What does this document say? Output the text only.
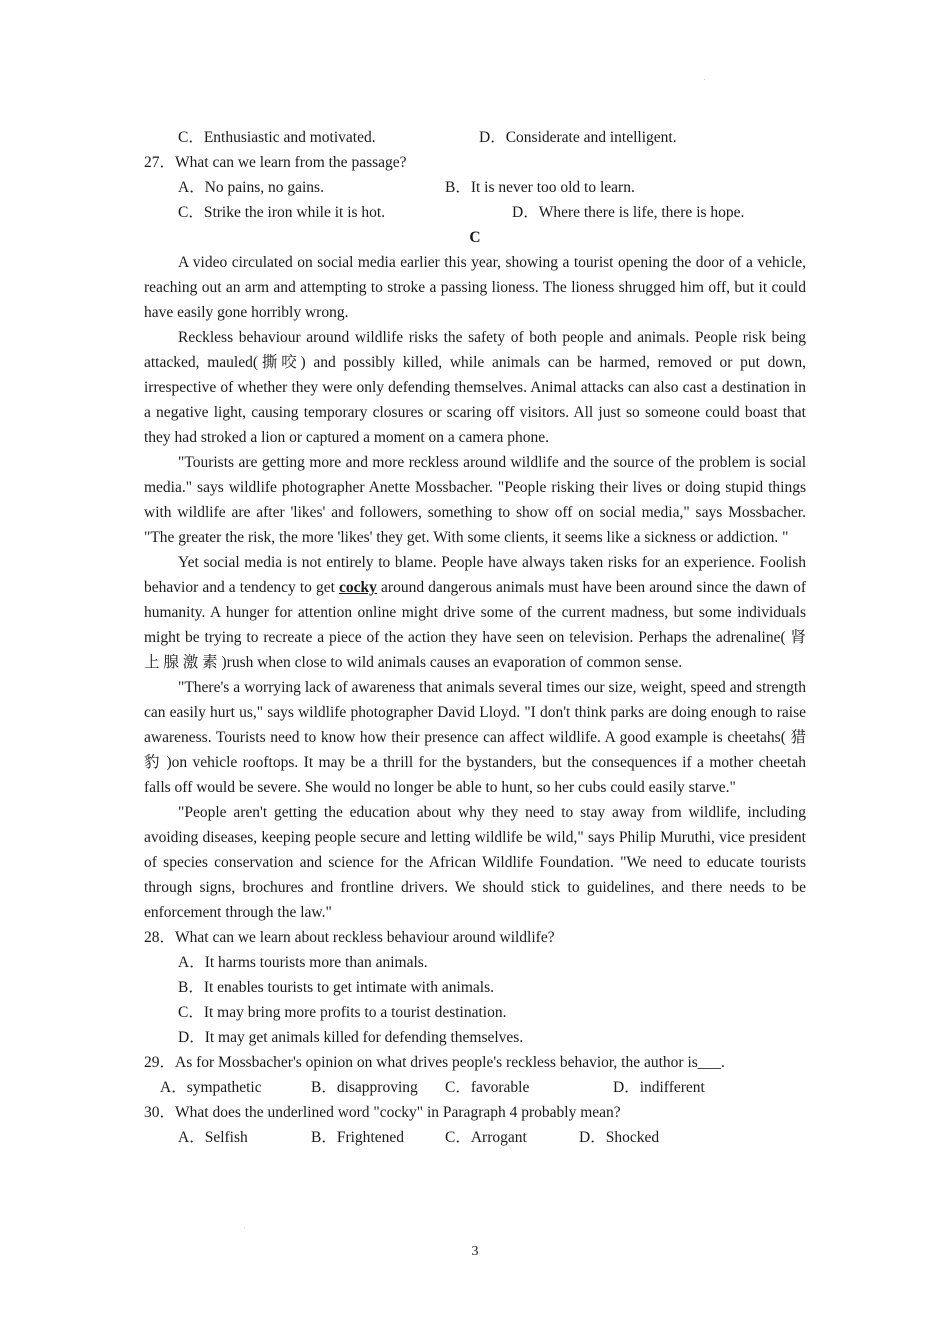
.
C．Enthusiastic and motivated.	D．Considerate and intelligent.
27．What can we learn from the passage?
A．No pains, no gains.	B．It is never too old to learn.
C．Strike the iron while it is hot.	D．Where there is life, there is hope.
C

A video circulated on social media earlier this year, showing a tourist opening the door of a vehicle, reaching out an arm and attempting to stroke a passing lioness. The lioness shrugged him off, but it could have easily gone horribly wrong.

Reckless behaviour around wildlife risks the safety of both people and animals. People risk being attacked, mauled(撕咬) and possibly killed, while animals can be harmed, removed or put down, irrespective of whether they were only defending themselves. Animal attacks can also cast a destination in a negative light, causing temporary closures or scaring off visitors. All just so someone could boast that they had stroked a lion or captured a moment on a camera phone.

"Tourists are getting more and more reckless around wildlife and the source of the problem is social media." says wildlife photographer Anette Mossbacher. "People risking their lives or doing stupid things with wildlife are after 'likes' and followers, something to show off on social media," says Mossbacher. "The greater the risk, the more 'likes' they get. With some clients, it seems like a sickness or addiction. "

Yet social media is not entirely to blame. People have always taken risks for an experience. Foolish behavior and a tendency to get cocky around dangerous animals must have been around since the dawn of humanity. A hunger for attention online might drive some of the current madness, but some individuals might be trying to recreate a piece of the action they have seen on television. Perhaps the adrenaline( 肾 上 腺 激 素 )rush when close to wild animals causes an evaporation of common sense.

"There's a worrying lack of awareness that animals several times our size, weight, speed and strength can easily hurt us," says wildlife photographer David Lloyd. "I don't think parks are doing enough to raise awareness. Tourists need to know how their presence can affect wildlife. A good example is cheetahs( 猎 豹 )on vehicle rooftops. It may be a thrill for the bystanders, but the consequences if a mother cheetah falls off would be severe. She would no longer be able to hunt, so her cubs could easily starve."

"People aren't getting the education about why they need to stay away from wildlife, including avoiding diseases, keeping people secure and letting wildlife be wild," says Philip Muruthi, vice president of species conservation and science for the African Wildlife Foundation. "We need to educate tourists through signs, brochures and frontline drivers. We should stick to guidelines, and there needs to be enforcement through the law."

28．What can we learn about reckless behaviour around wildlife?
A．It harms tourists more than animals.
B．It enables tourists to get intimate with animals.
C．It may bring more profits to a tourist destination.
D．It may get animals killed for defending themselves.
29．As for Mossbacher's opinion on what drives people's reckless behavior, the author is___.
A．sympathetic	B．disapproving C．favorable	D．indifferent
30．What does the underlined word "cocky" in Paragraph 4 probably mean?
A．Selfish	B．Frightened	C．Arrogant	D．Shocked
.
3
